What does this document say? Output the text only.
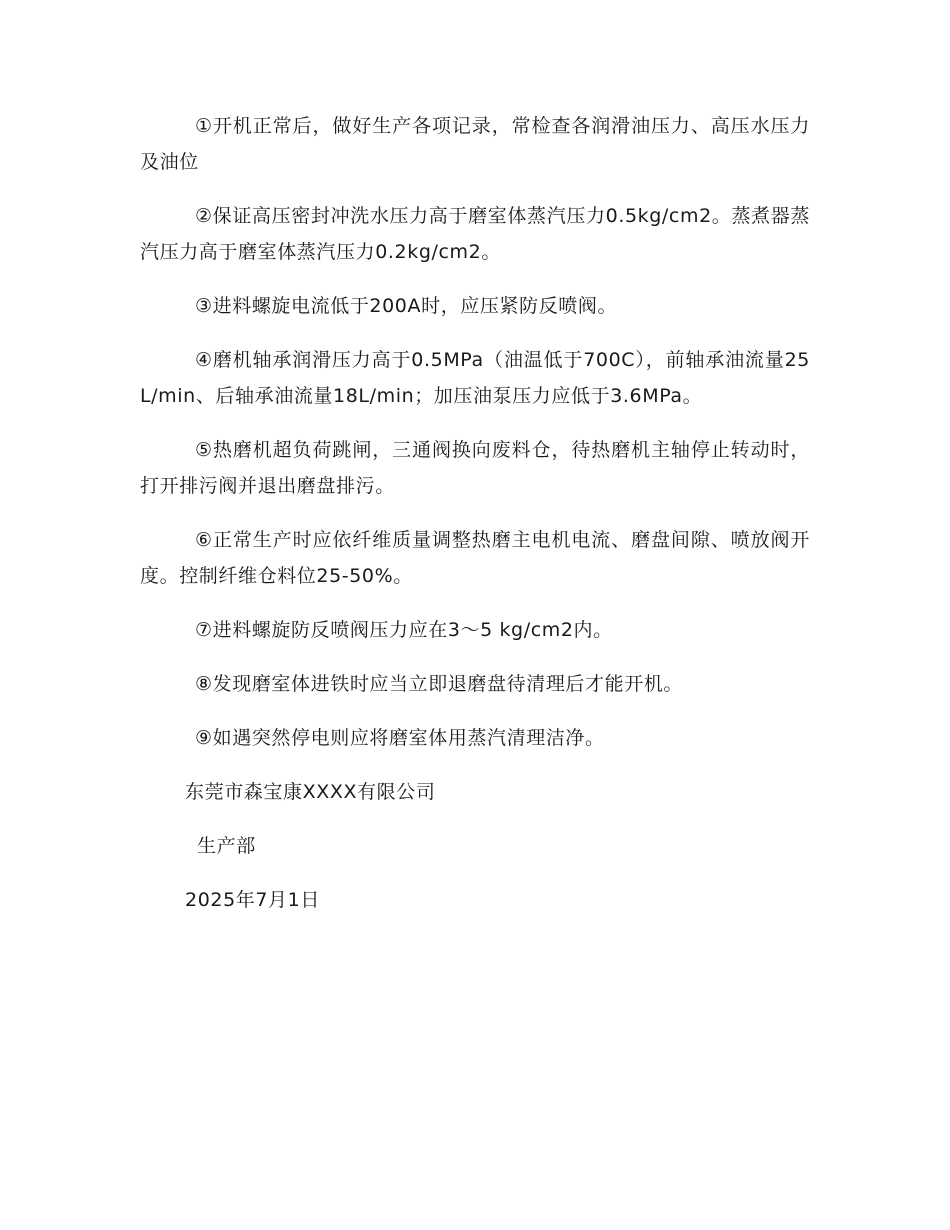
①开机正常后，做好生产各项记录，常检查各润滑油压力、高压水压力及油位

②保证高压密封冲洗水压力高于磨室体蒸汽压力0.5kg/cm2。蒸煮器蒸汽压力高于磨室体蒸汽压力0.2kg/cm2。

③进料螺旋电流低于200A时，应压紧防反喷阀。

④磨机轴承润滑压力高于0.5MPa（油温低于700C），前轴承油流量25L/min、后轴承油流量18L/min；加压油泵压力应低于3.6MPa。

⑤热磨机超负荷跳闸，三通阀换向废料仓，待热磨机主轴停止转动时，打开排污阀并退出磨盘排污。

⑥正常生产时应依纤维质量调整热磨主电机电流、磨盘间隙、喷放阀开度。控制纤维仓料位25-50%。

⑦进料螺旋防反喷阀压力应在3～5 kg/cm2内。

⑧发现磨室体进铁时应当立即退磨盘待清理后才能开机。

⑨如遇突然停电则应将磨室体用蒸汽清理洁净。

东莞市森宝康XXXX有限公司
生产部
2025年7月1日
